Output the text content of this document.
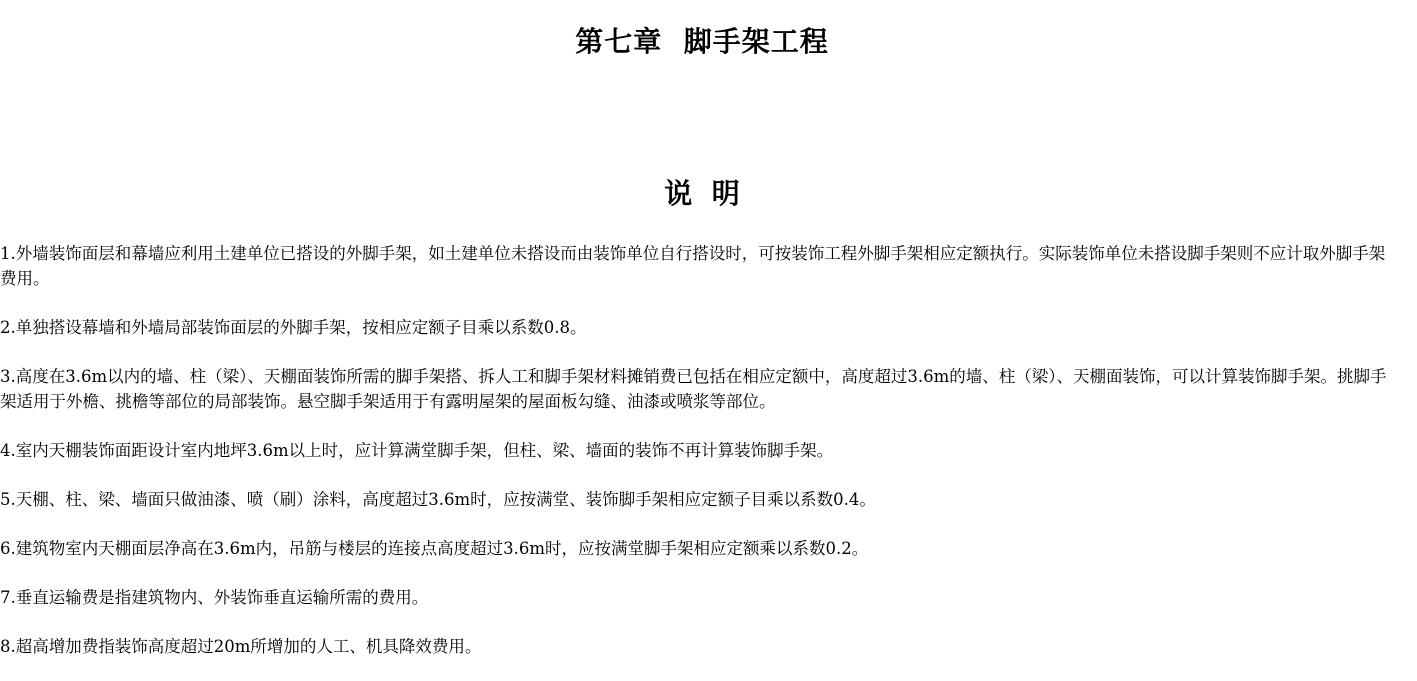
第七章  脚手架工程
说  明
1.外墙装饰面层和幕墙应利用土建单位已搭设的外脚手架，如土建单位未搭设而由装饰单位自行搭设时，可按装饰工程外脚手架相应定额执行。实际装饰单位未搭设脚手架则不应计取外脚手架费用。
2.单独搭设幕墙和外墙局部装饰面层的外脚手架，按相应定额子目乘以系数0.8。
3.高度在3.6m以内的墙、柱（梁）、天棚面装饰所需的脚手架搭、拆人工和脚手架材料摊销费已包括在相应定额中，高度超过3.6m的墙、柱（梁）、天棚面装饰，可以计算装饰脚手架。挑脚手架适用于外檐、挑檐等部位的局部装饰。悬空脚手架适用于有露明屋架的屋面板勾缝、油漆或喷浆等部位。
4.室内天棚装饰面距设计室内地坪3.6m以上时，应计算满堂脚手架，但柱、梁、墙面的装饰不再计算装饰脚手架。
5.天棚、柱、梁、墙面只做油漆、喷（刷）涂料，高度超过3.6m时，应按满堂、装饰脚手架相应定额子目乘以系数0.4。
6.建筑物室内天棚面层净高在3.6m内，吊筋与楼层的连接点高度超过3.6m时，应按满堂脚手架相应定额乘以系数0.2。
7.垂直运输费是指建筑物内、外装饰垂直运输所需的费用。
8.超高增加费指装饰高度超过20m所增加的人工、机具降效费用。
